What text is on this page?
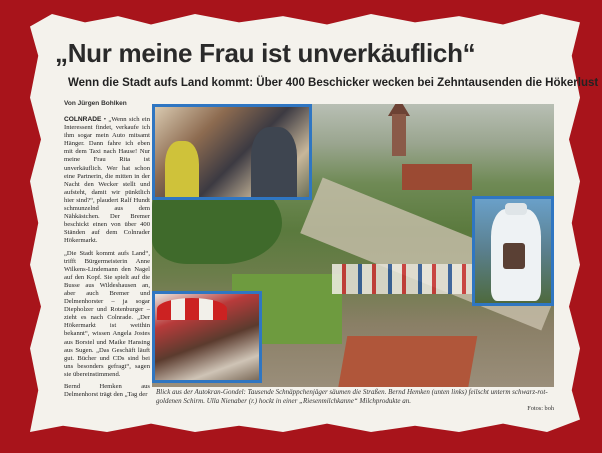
„Nur meine Frau ist unverkäuflich“
Wenn die Stadt aufs Land kommt: Über 400 Beschicker wecken bei Zehntausenden die Hökerlust
Von Jürgen Bohlken

COLNRADE • „Wenn sich ein Interessent findet, verkaufe ich ihm sogar mein Auto mitsamt Hänger. Dann fahre ich eben mit dem Taxi nach Hause! Nur meine Frau Rita ist unverkäuflich. Wer hat schon eine Partnerin, die mitten in der Nacht den Wecker stellt und aufsteht, damit wir pünktlich hier sind?“, plaudert Ralf Hundt schmunzelnd aus dem Nähkästchen. Der Bremer beschickt einen von über 400 Ständen auf dem Colnrader Hökermarkt.

„Die Stadt kommt aufs Land“, trifft Bürgermeisterin Anne Wilkens-Lindemann den Nagel auf den Kopf. Sie spielt auf die Busse aus Wildeshausen an, aber auch Bremer und Delmenhorster – ja sogar Diepholzer und Rotenburger – zieht es nach Colnrade. „Der Hökermarkt ist weithin bekannt“, wissen Angela Jostes aus Borstel und Maike Hansing aus Sugen. „Das Geschäft läuft gut. Bücher und CDs sind bei uns besonders gefragt“, sagen sie übereinstimmend.

Bernd Hemken aus Delmenhorst trägt den „Tag der	Blick aus der Autokran-Gondel: Tausende Schnäppchenjäger säumen die Straßen. Bernd Hemken (unten links) feilscht unterm schwarz-rot-goldenen Schirm. Ulla Nienaber (r.) hockt in einer „Riesenmilchkanne“ Milchprodukte an.
Fotos: boh
